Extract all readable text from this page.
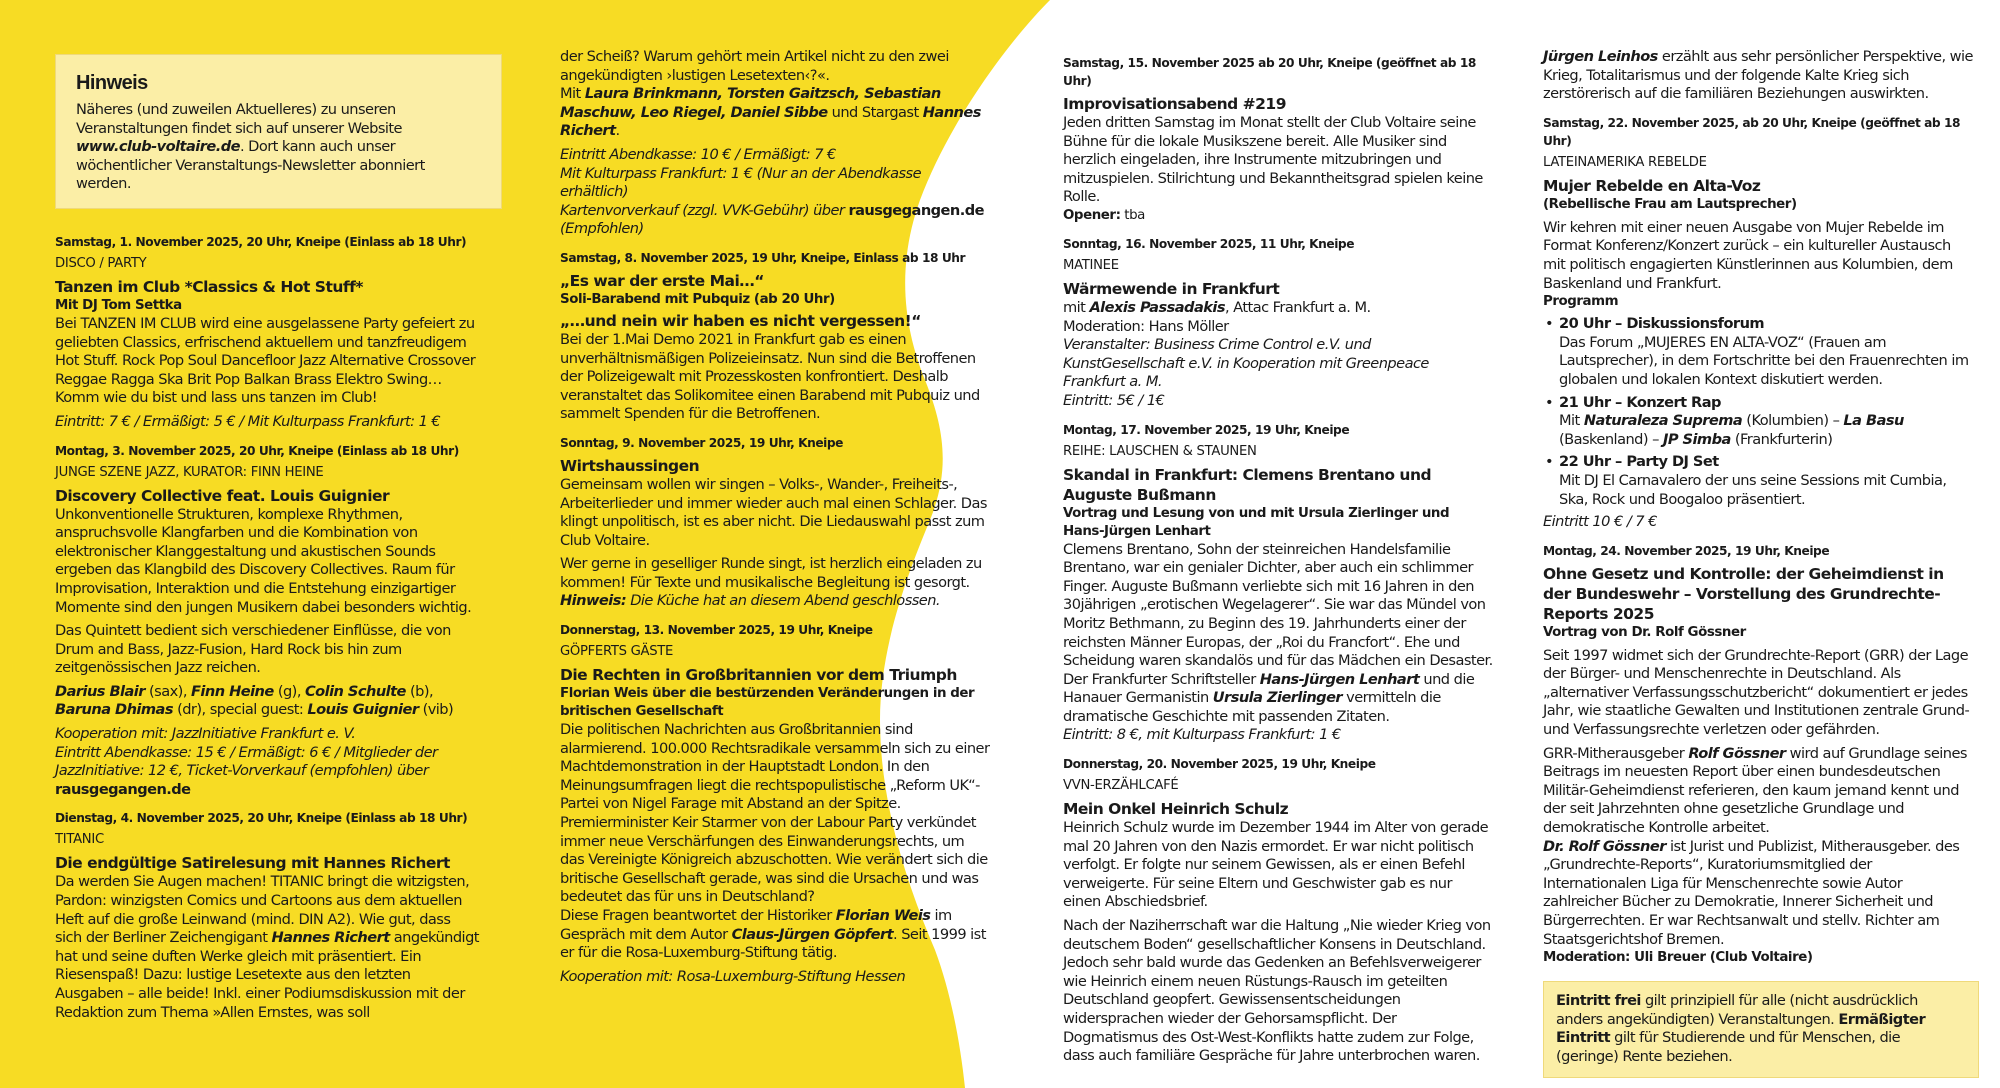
Hinweis

Näheres (und zuweilen Aktuelleres) zu unseren Veranstaltungen findet sich auf unserer Website www.club-voltaire.de. Dort kann auch unser wöchentlicher Veranstaltungs-Newsletter abonniert werden.

Samstag, 1. November 2025, 20 Uhr, Kneipe (Einlass ab 18 Uhr)

DISCO / PARTY

Tanzen im Club *Classics & Hot Stuff*

Mit DJ Tom Settka

Bei TANZEN IM CLUB wird eine ausgelassene Party gefeiert zu geliebten Classics, erfrischend aktuellem und tanzfreudigem Hot Stuff. Rock Pop Soul Dancefloor Jazz Alternative Crossover Reggae Ragga Ska Brit Pop Balkan Brass Elektro Swing… Komm wie du bist und lass uns tanzen im Club!

Eintritt: 7 € / Ermäßigt: 5 € / Mit Kulturpass Frankfurt: 1 €

Montag, 3. November 2025, 20 Uhr, Kneipe (Einlass ab 18 Uhr)

JUNGE SZENE JAZZ, KURATOR: FINN HEINE

Discovery Collective feat. Louis Guignier

Unkonventionelle Strukturen, komplexe Rhythmen, anspruchsvolle Klangfarben und die Kombination von elektronischer Klanggestaltung und akustischen Sounds ergeben das Klangbild des Discovery Collectives. Raum für Improvisation, Interaktion und die Entstehung einzigartiger Momente sind den jungen Musikern dabei besonders wichtig.

Das Quintett bedient sich verschiedener Einflüsse, die von Drum and Bass, Jazz-Fusion, Hard Rock bis hin zum zeitgenössischen Jazz reichen.

Darius Blair (sax), Finn Heine (g), Colin Schulte (b), Baruna Dhimas (dr), special guest: Louis Guignier (vib)

Kooperation mit: JazzInitiative Frankfurt e. V.

Eintritt Abendkasse: 15 € / Ermäßigt: 6 € / Mitglieder der JazzInitiative: 12 €, Ticket-Vorverkauf (empfohlen) über rausgegangen.de

Dienstag, 4. November 2025, 20 Uhr, Kneipe (Einlass ab 18 Uhr)

TITANIC

Die endgültige Satirelesung mit Hannes Richert

Da werden Sie Augen machen! TITANIC bringt die witzigsten, Pardon: winzigsten Comics und Cartoons aus dem aktuellen Heft auf die große Leinwand (mind. DIN A2). Wie gut, dass sich der Berliner Zeichengigant Hannes Richert angekündigt hat und seine duften Werke gleich mit präsentiert. Ein Riesenspaß! Dazu: lustige Lesetexte aus den letzten Ausgaben – alle beide! Inkl. einer Podiumsdiskussion mit der Redaktion zum Thema »Allen Ernstes, was soll

der Scheiß? Warum gehört mein Artikel nicht zu den zwei angekündigten ›lustigen Lesetexten‹?«.

Mit Laura Brinkmann, Torsten Gaitzsch, Sebastian Maschuw, Leo Riegel, Daniel Sibbe und Stargast Hannes Richert.

Eintritt Abendkasse: 10 € / Ermäßigt: 7 €

Mit Kulturpass Frankfurt: 1 € (Nur an der Abendkasse erhältlich)

Kartenvorverkauf (zzgl. VVK-Gebühr) über rausgegangen.de (Empfohlen)

Samstag, 8. November 2025, 19 Uhr, Kneipe, Einlass ab 18 Uhr

„Es war der erste Mai…“

Soli-Barabend mit Pubquiz (ab 20 Uhr)

„…und nein wir haben es nicht vergessen!“

Bei der 1.Mai Demo 2021 in Frankfurt gab es einen unverhältnismäßigen Polizeieinsatz. Nun sind die Betroffenen der Polizeigewalt mit Prozesskosten konfrontiert. Deshalb veranstaltet das Solikomitee einen Barabend mit Pubquiz und sammelt Spenden für die Betroffenen.

Sonntag, 9. November 2025, 19 Uhr, Kneipe

Wirtshaussingen

Gemeinsam wollen wir singen – Volks-, Wander-, Freiheits-, Arbeiterlieder und immer wieder auch mal einen Schlager. Das klingt unpolitisch, ist es aber nicht. Die Liedauswahl passt zum Club Voltaire.

Wer gerne in geselliger Runde singt, ist herzlich eingeladen zu kommen! Für Texte und musikalische Begleitung ist gesorgt.

Hinweis: Die Küche hat an diesem Abend geschlossen.

Donnerstag, 13. November 2025, 19 Uhr, Kneipe

GÖPFERTS GÄSTE

Die Rechten in Großbritannien vor dem Triumph

Florian Weis über die bestürzenden Veränderungen in der britischen Gesellschaft

Die politischen Nachrichten aus Großbritannien sind alarmierend. 100.000 Rechtsradikale versammeln sich zu einer Machtdemonstration in der Hauptstadt London. In den Meinungsumfragen liegt die rechtspopulistische „Reform UK“-Partei von Nigel Farage mit Abstand an der Spitze. Premierminister Keir Starmer von der Labour Party verkündet immer neue Verschärfungen des Einwanderungsrechts, um das Vereinigte Königreich abzuschotten. Wie verändert sich die britische Gesellschaft gerade, was sind die Ursachen und was bedeutet das für uns in Deutschland?

Diese Fragen beantwortet der Historiker Florian Weis im Gespräch mit dem Autor Claus-Jürgen Göpfert. Seit 1999 ist er für die Rosa-Luxemburg-Stiftung tätig.

Kooperation mit: Rosa-Luxemburg-Stiftung Hessen

Samstag, 15. November 2025 ab 20 Uhr, Kneipe (geöffnet ab 18 Uhr)

Improvisationsabend #219

Jeden dritten Samstag im Monat stellt der Club Voltaire seine Bühne für die lokale Musikszene bereit. Alle Musiker sind herzlich eingeladen, ihre Instrumente mitzubringen und mitzuspielen. Stilrichtung und Bekanntheitsgrad spielen keine Rolle.

Opener: tba

Sonntag, 16. November 2025, 11 Uhr, Kneipe

MATINEE

Wärmewende in Frankfurt

mit Alexis Passadakis, Attac Frankfurt a. M.

Moderation: Hans Möller

Veranstalter: Business Crime Control e.V. und KunstGesellschaft e.V. in Kooperation mit Greenpeace Frankfurt a. M.

Eintritt: 5€ / 1€

Montag, 17. November 2025, 19 Uhr, Kneipe

REIHE: LAUSCHEN & STAUNEN

Skandal in Frankfurt: Clemens Brentano und Auguste Bußmann

Vortrag und Lesung von und mit Ursula Zierlinger und Hans-Jürgen Lenhart

Clemens Brentano, Sohn der steinreichen Handelsfamilie Brentano, war ein genialer Dichter, aber auch ein schlimmer Finger. Auguste Bußmann verliebte sich mit 16 Jahren in den 30jährigen „erotischen Wegelagerer“. Sie war das Mündel von Moritz Bethmann, zu Beginn des 19. Jahrhunderts einer der reichsten Männer Europas, der „Roi du Francfort“. Ehe und Scheidung waren skandalös und für das Mädchen ein Desaster.

Der Frankfurter Schriftsteller Hans-Jürgen Lenhart und die Hanauer Germanistin Ursula Zierlinger vermitteln die dramatische Geschichte mit passenden Zitaten.

Eintritt: 8 €, mit Kulturpass Frankfurt: 1 €

Donnerstag, 20. November 2025, 19 Uhr, Kneipe

VVN-ERZÄHLCAFÉ

Mein Onkel Heinrich Schulz

Heinrich Schulz wurde im Dezember 1944 im Alter von gerade mal 20 Jahren von den Nazis ermordet. Er war nicht politisch verfolgt. Er folgte nur seinem Gewissen, als er einen Befehl verweigerte. Für seine Eltern und Geschwister gab es nur einen Abschiedsbrief.

Nach der Naziherrschaft war die Haltung „Nie wieder Krieg von deutschem Boden“ gesellschaftlicher Konsens in Deutschland. Jedoch sehr bald wurde das Gedenken an Befehlsverweigerer wie Heinrich einem neuen Rüstungs-Rausch im geteilten Deutschland geopfert. Gewissensentscheidungen widersprachen wieder der Gehorsamspflicht. Der Dogmatismus des Ost-West-Konflikts hatte zudem zur Folge, dass auch familiäre Gespräche für Jahre unterbrochen waren.

Jürgen Leinhos erzählt aus sehr persönlicher Perspektive, wie Krieg, Totalitarismus und der folgende Kalte Krieg sich zerstörerisch auf die familiären Beziehungen auswirkten.

Samstag, 22. November 2025, ab 20 Uhr, Kneipe (geöffnet ab 18 Uhr)

LATEINAMERIKA REBELDE

Mujer Rebelde en Alta-Voz

(Rebellische Frau am Lautsprecher)

Wir kehren mit einer neuen Ausgabe von Mujer Rebelde im Format Konferenz/Konzert zurück – ein kultureller Austausch mit politisch engagierten Künstlerinnen aus Kolumbien, dem Baskenland und Frankfurt.

Programm

• 20 Uhr – Diskussionsforum
Das Forum „MUJERES EN ALTA-VOZ“ (Frauen am Lautsprecher), in dem Fortschritte bei den Frauenrechten im globalen und lokalen Kontext diskutiert werden.
• 21 Uhr – Konzert Rap
Mit Naturaleza Suprema (Kolumbien) – La Basu (Baskenland) – JP Simba (Frankfurterin)
• 22 Uhr – Party DJ Set
Mit DJ El Carnavalero der uns seine Sessions mit Cumbia, Ska, Rock und Boogaloo präsentiert.

Eintritt 10 € / 7 €

Montag, 24. November 2025, 19 Uhr, Kneipe

Ohne Gesetz und Kontrolle: der Geheimdienst in der Bundeswehr – Vorstellung des Grundrechte-Reports 2025

Vortrag von Dr. Rolf Gössner

Seit 1997 widmet sich der Grundrechte-Report (GRR) der Lage der Bürger- und Menschenrechte in Deutschland. Als „alternativer Verfassungsschutzbericht“ dokumentiert er jedes Jahr, wie staatliche Gewalten und Institutionen zentrale Grund- und Verfassungsrechte verletzen oder gefährden.

GRR-Mitherausgeber Rolf Gössner wird auf Grundlage seines Beitrags im neuesten Report über einen bundesdeutschen Militär-Geheimdienst referieren, den kaum jemand kennt und der seit Jahrzehnten ohne gesetzliche Grundlage und demokratische Kontrolle arbeitet.

Dr. Rolf Gössner ist Jurist und Publizist, Mitherausgeber. des „Grundrechte-Reports“, Kuratoriumsmitglied der Internationalen Liga für Menschenrechte sowie Autor zahlreicher Bücher zu Demokratie, Innerer Sicherheit und Bürgerrechten. Er war Rechtsanwalt und stellv. Richter am Staatsgerichtshof Bremen.

Moderation: Uli Breuer (Club Voltaire)

Eintritt frei gilt prinzipiell für alle (nicht ausdrücklich anders angekündigten) Veranstaltungen. Ermäßigter Eintritt gilt für Studierende und für Menschen, die (geringe) Rente beziehen.
